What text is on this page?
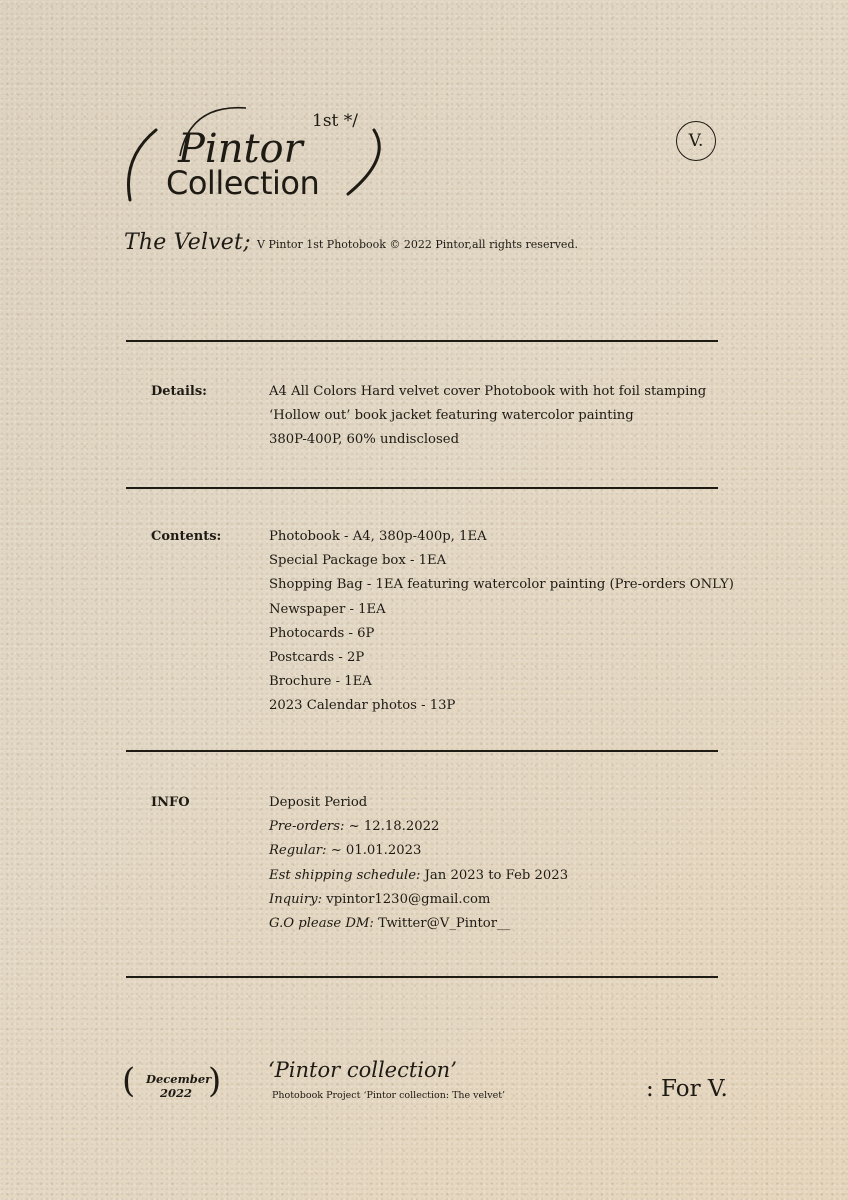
1st */
Pintor
Collection
V.
The Velvet; V Pintor 1st Photobook © 2022 Pintor,all rights reserved.
Details:	A4 All Colors Hard velvet cover Photobook with hot foil stamping
‘Hollow out’ book jacket featuring watercolor painting
380P-400P, 60% undisclosed
Contents:	Photobook - A4, 380p-400p, 1EA
Special Package box - 1EA
Shopping Bag - 1EA featuring watercolor painting (Pre-orders ONLY)
Newspaper - 1EA
Photocards - 6P
Postcards - 2P
Brochure - 1EA
2023 Calendar photos - 13P
INFO	Deposit Period
Pre-orders: ~ 12.18.2022
Regular: ~ 01.01.2023
Est shipping schedule: Jan 2023 to Feb 2023
Inquiry: vpintor1230@gmail.com
G.O please DM: Twitter@V_Pintor__
( December
2022 ) ‘Pintor collection’
Photobook Project ‘Pintor collection: The velvet’	: For V.
